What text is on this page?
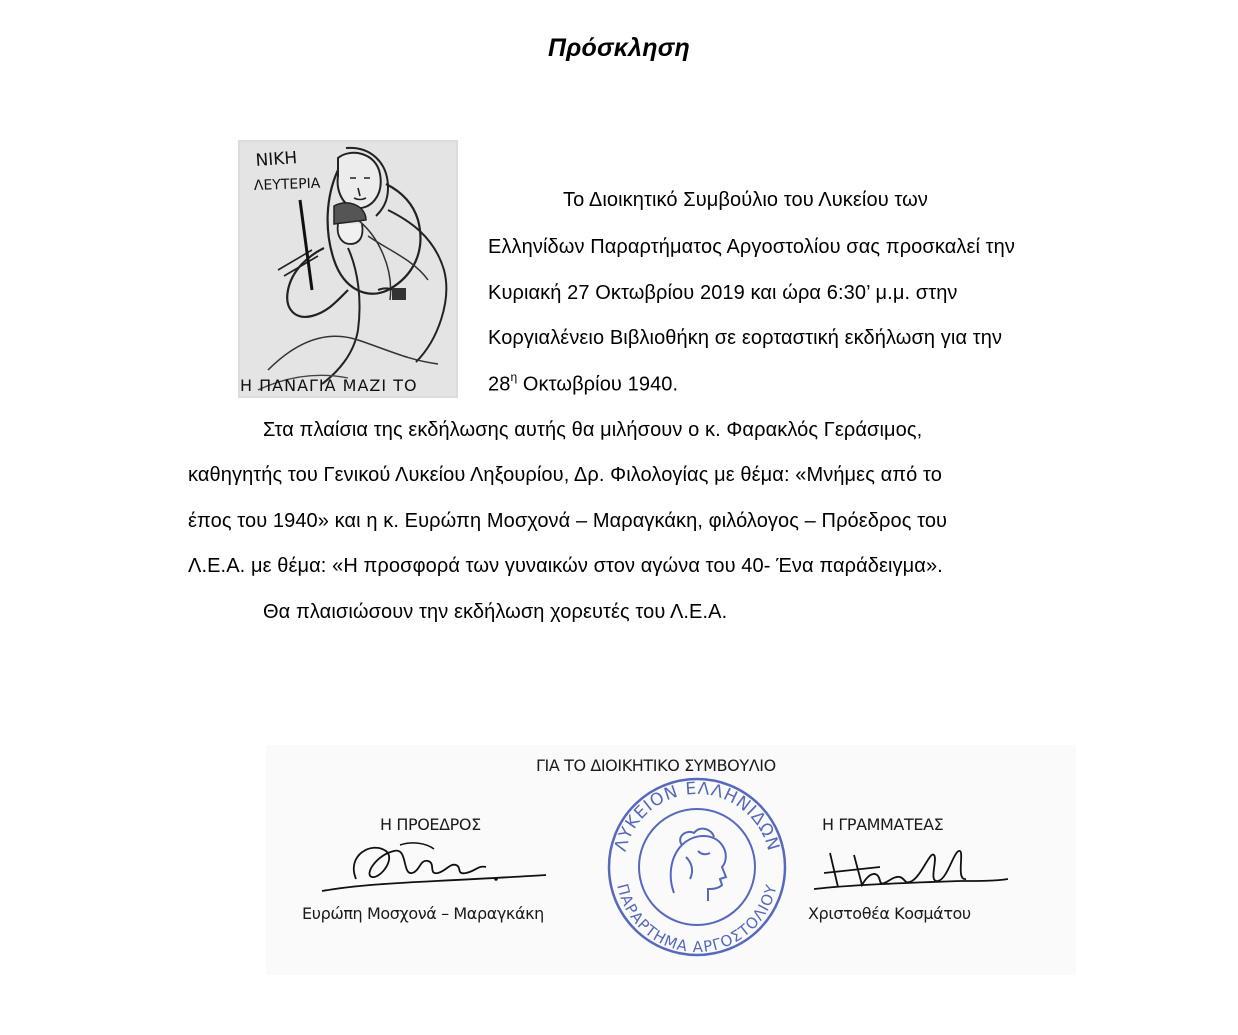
Πρόσκληση
ΝΙΚΗ
ΛΕΥΤΕΡΙΑ
Η ΠΑΝΑΓΙΑ ΜΑΖΙ ΤΟ
Το Διοικητικό Συμβούλιο του Λυκείου των
Ελληνίδων Παραρτήματος Αργοστολίου σας προσκαλεί την
Κυριακή 27 Οκτωβρίου 2019 και ώρα 6:30’ μ.μ. στην
Κοργιαλένειο Βιβλιοθήκη σε εορταστική εκδήλωση για την
$28^\eta$ Οκτωβρίου 1940.
Στα πλαίσια της εκδήλωσης αυτής θα μιλήσουν ο κ. Φαρακλός Γεράσιμος,
καθηγητής του Γενικού Λυκείου Ληξουρίου, Δρ. Φιλολογίας με θέμα: «Μνήμες από το
έπος του 1940» και η κ. Ευρώπη Μοσχονά – Μαραγκάκη, φιλόλογος – Πρόεδρος του
Λ.Ε.Α. με θέμα: «Η προσφορά των γυναικών στον αγώνα του 40- Ένα παράδειγμα».
Θα πλαισιώσουν την εκδήλωση χορευτές του Λ.Ε.Α.
ΓΙΑ ΤΟ ΔΙΟΙΚΗΤΙΚΟ ΣΥΜΒΟΥΛΙΟ
Η ΠΡΟΕΔΡΟΣ	Η ΓΡΑΜΜΑΤΕΑΣ
Ευρώπη Μοσχονά – Μαραγκάκη	Χριστοθέα Κοσμάτου
ΛΥΚΕΙΟΝ ΕΛΛΗΝΙΔΩΝ
ΠΑΡΑΡΤΗΜΑ ΑΡΓΟΣΤΟΛΙΟΥ
